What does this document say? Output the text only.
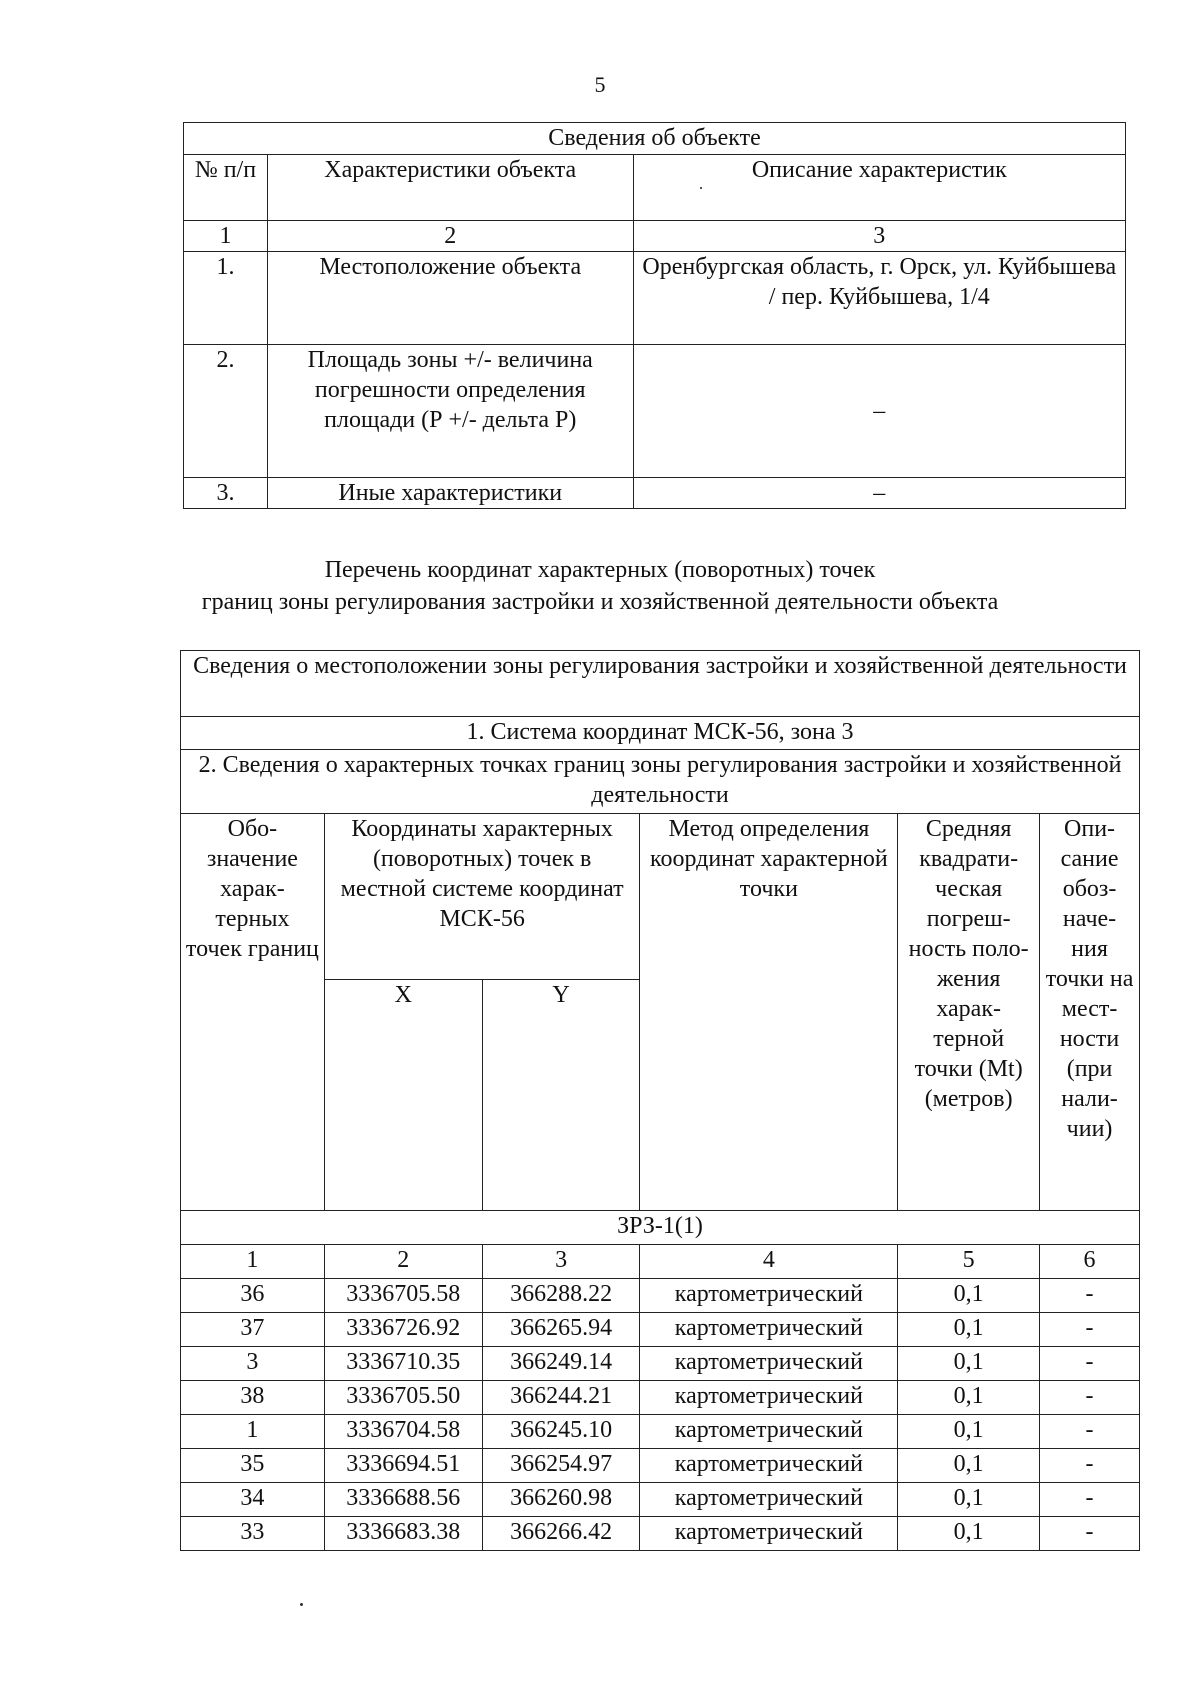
5
Сведения об объекте		
№ п/п	Характеристики объекта	Описание характеристик
1	2	3
1.	Местоположение объекта	Оренбургская область, г. Орск, ул. Куйбышева / пер. Куйбышева, 1/4
2.	Площадь зоны +/- величина погрешности определения площади (Р +/- дельта Р)	–
3.	Иные характеристики	–
Перечень координат характерных (поворотных) точек
границ зоны регулирования застройки и хозяйственной деятельности объекта
Сведения о местоположении зоны регулирования застройки и хозяйственной деятельности					
1. Система координат МСК-56, зона 3					
2. Сведения о характерных точках границ зоны регулирования застройки и хозяйственной деятельности					
Обо- значение харак- терных точек границ	Координаты характерных (поворотных) точек в местной системе координат МСК-56		Метод определения координат характерной точки	Средняя квадрати- ческая погреш- ность поло- жения харак- терной точки (Mt) (метров)	Опи- сание обоз- наче- ния точки на мест- ности (при нали- чии)
	X	Y			
ЗРЗ-1(1)					
1	2	3	4	5	6
36	3336705.58	366288.22	картометрический	0,1	-
37	3336726.92	366265.94	картометрический	0,1	-
3	3336710.35	366249.14	картометрический	0,1	-
38	3336705.50	366244.21	картометрический	0,1	-
1	3336704.58	366245.10	картометрический	0,1	-
35	3336694.51	366254.97	картометрический	0,1	-
34	3336688.56	366260.98	картометрический	0,1	-
33	3336683.38	366266.42	картометрический	0,1	-
